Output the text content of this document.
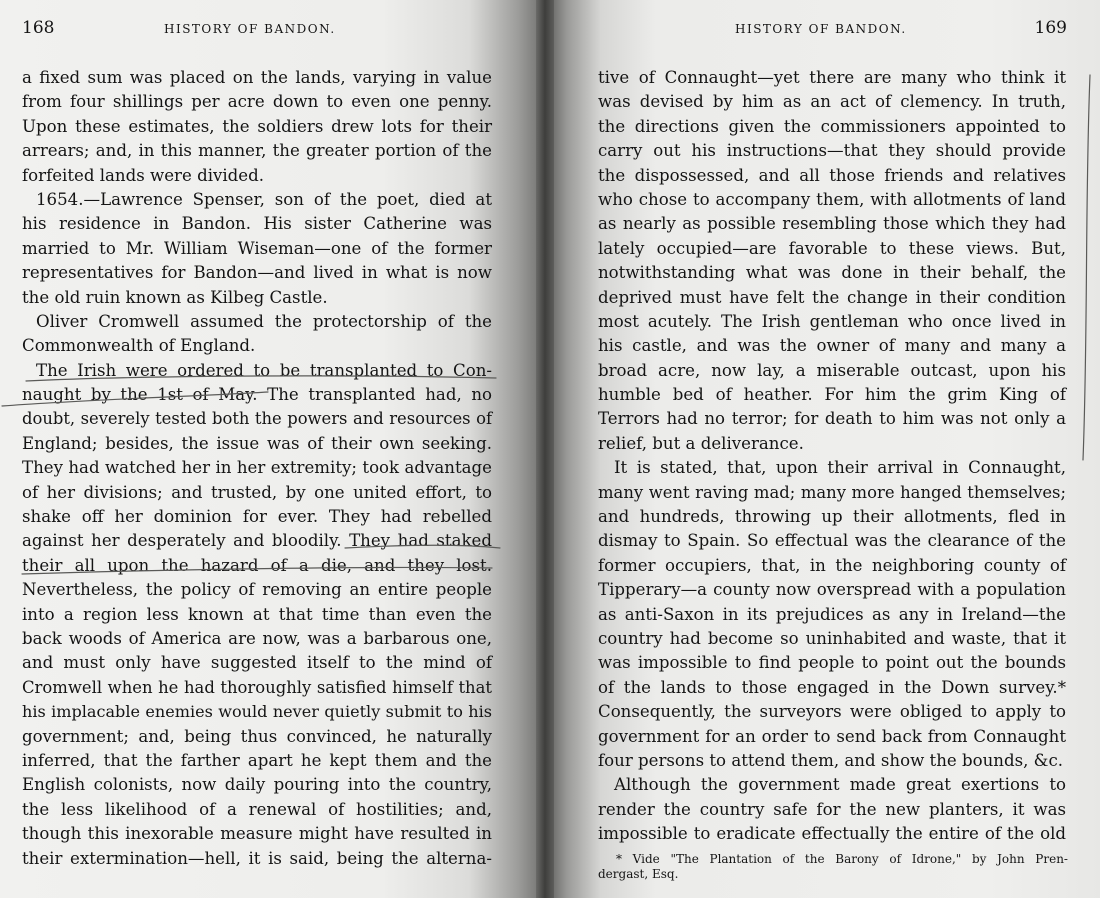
168	HISTORY OF BANDON.
a fixed sum was placed on the lands, varying in value
from four shillings per acre down to even one penny.
Upon these estimates, the soldiers drew lots for their
arrears; and, in this manner, the greater portion of the
forfeited lands were divided.
1654.—Lawrence Spenser, son of the poet, died at
his residence in Bandon. His sister Catherine was
married to Mr. William Wiseman—one of the former
representatives for Bandon—and lived in what is now
the old ruin known as Kilbeg Castle.
Oliver Cromwell assumed the protectorship of the
Commonwealth of England.
The Irish were ordered to be transplanted to Con-
naught by the 1st of May. The transplanted had, no
doubt, severely tested both the powers and resources of
England; besides, the issue was of their own seeking.
They had watched her in her extremity; took advantage
of her divisions; and trusted, by one united effort, to
shake off her dominion for ever. They had rebelled
against her desperately and bloodily. They had staked
their all upon the hazard of a die, and they lost.
Nevertheless, the policy of removing an entire people
into a region less known at that time than even the
back woods of America are now, was a barbarous one,
and must only have suggested itself to the mind of
Cromwell when he had thoroughly satisfied himself that
his implacable enemies would never quietly submit to his
government; and, being thus convinced, he naturally
inferred, that the farther apart he kept them and the
English colonists, now daily pouring into the country,
the less likelihood of a renewal of hostilities; and,
though this inexorable measure might have resulted in
their extermination—hell, it is said, being the alterna-
HISTORY OF BANDON.	169
tive of Connaught—yet there are many who think it
was devised by him as an act of clemency. In truth,
the directions given the commissioners appointed to
carry out his instructions—that they should provide
the dispossessed, and all those friends and relatives
who chose to accompany them, with allotments of land
as nearly as possible resembling those which they had
lately occupied—are favorable to these views. But,
notwithstanding what was done in their behalf, the
deprived must have felt the change in their condition
most acutely. The Irish gentleman who once lived in
his castle, and was the owner of many and many a
broad acre, now lay, a miserable outcast, upon his
humble bed of heather. For him the grim King of
Terrors had no terror; for death to him was not only a
relief, but a deliverance.
It is stated, that, upon their arrival in Connaught,
many went raving mad; many more hanged themselves;
and hundreds, throwing up their allotments, fled in
dismay to Spain. So effectual was the clearance of the
former occupiers, that, in the neighboring county of
Tipperary—a county now overspread with a population
as anti-Saxon in its prejudices as any in Ireland—the
country had become so uninhabited and waste, that it
was impossible to find people to point out the bounds
of the lands to those engaged in the Down survey.*
Consequently, the surveyors were obliged to apply to
government for an order to send back from Connaught
four persons to attend them, and show the bounds, &c.
Although the government made great exertions to
render the country safe for the new planters, it was
impossible to eradicate effectually the entire of the old
* Vide "The Plantation of the Barony of Idrone," by John Pren-
dergast, Esq.
